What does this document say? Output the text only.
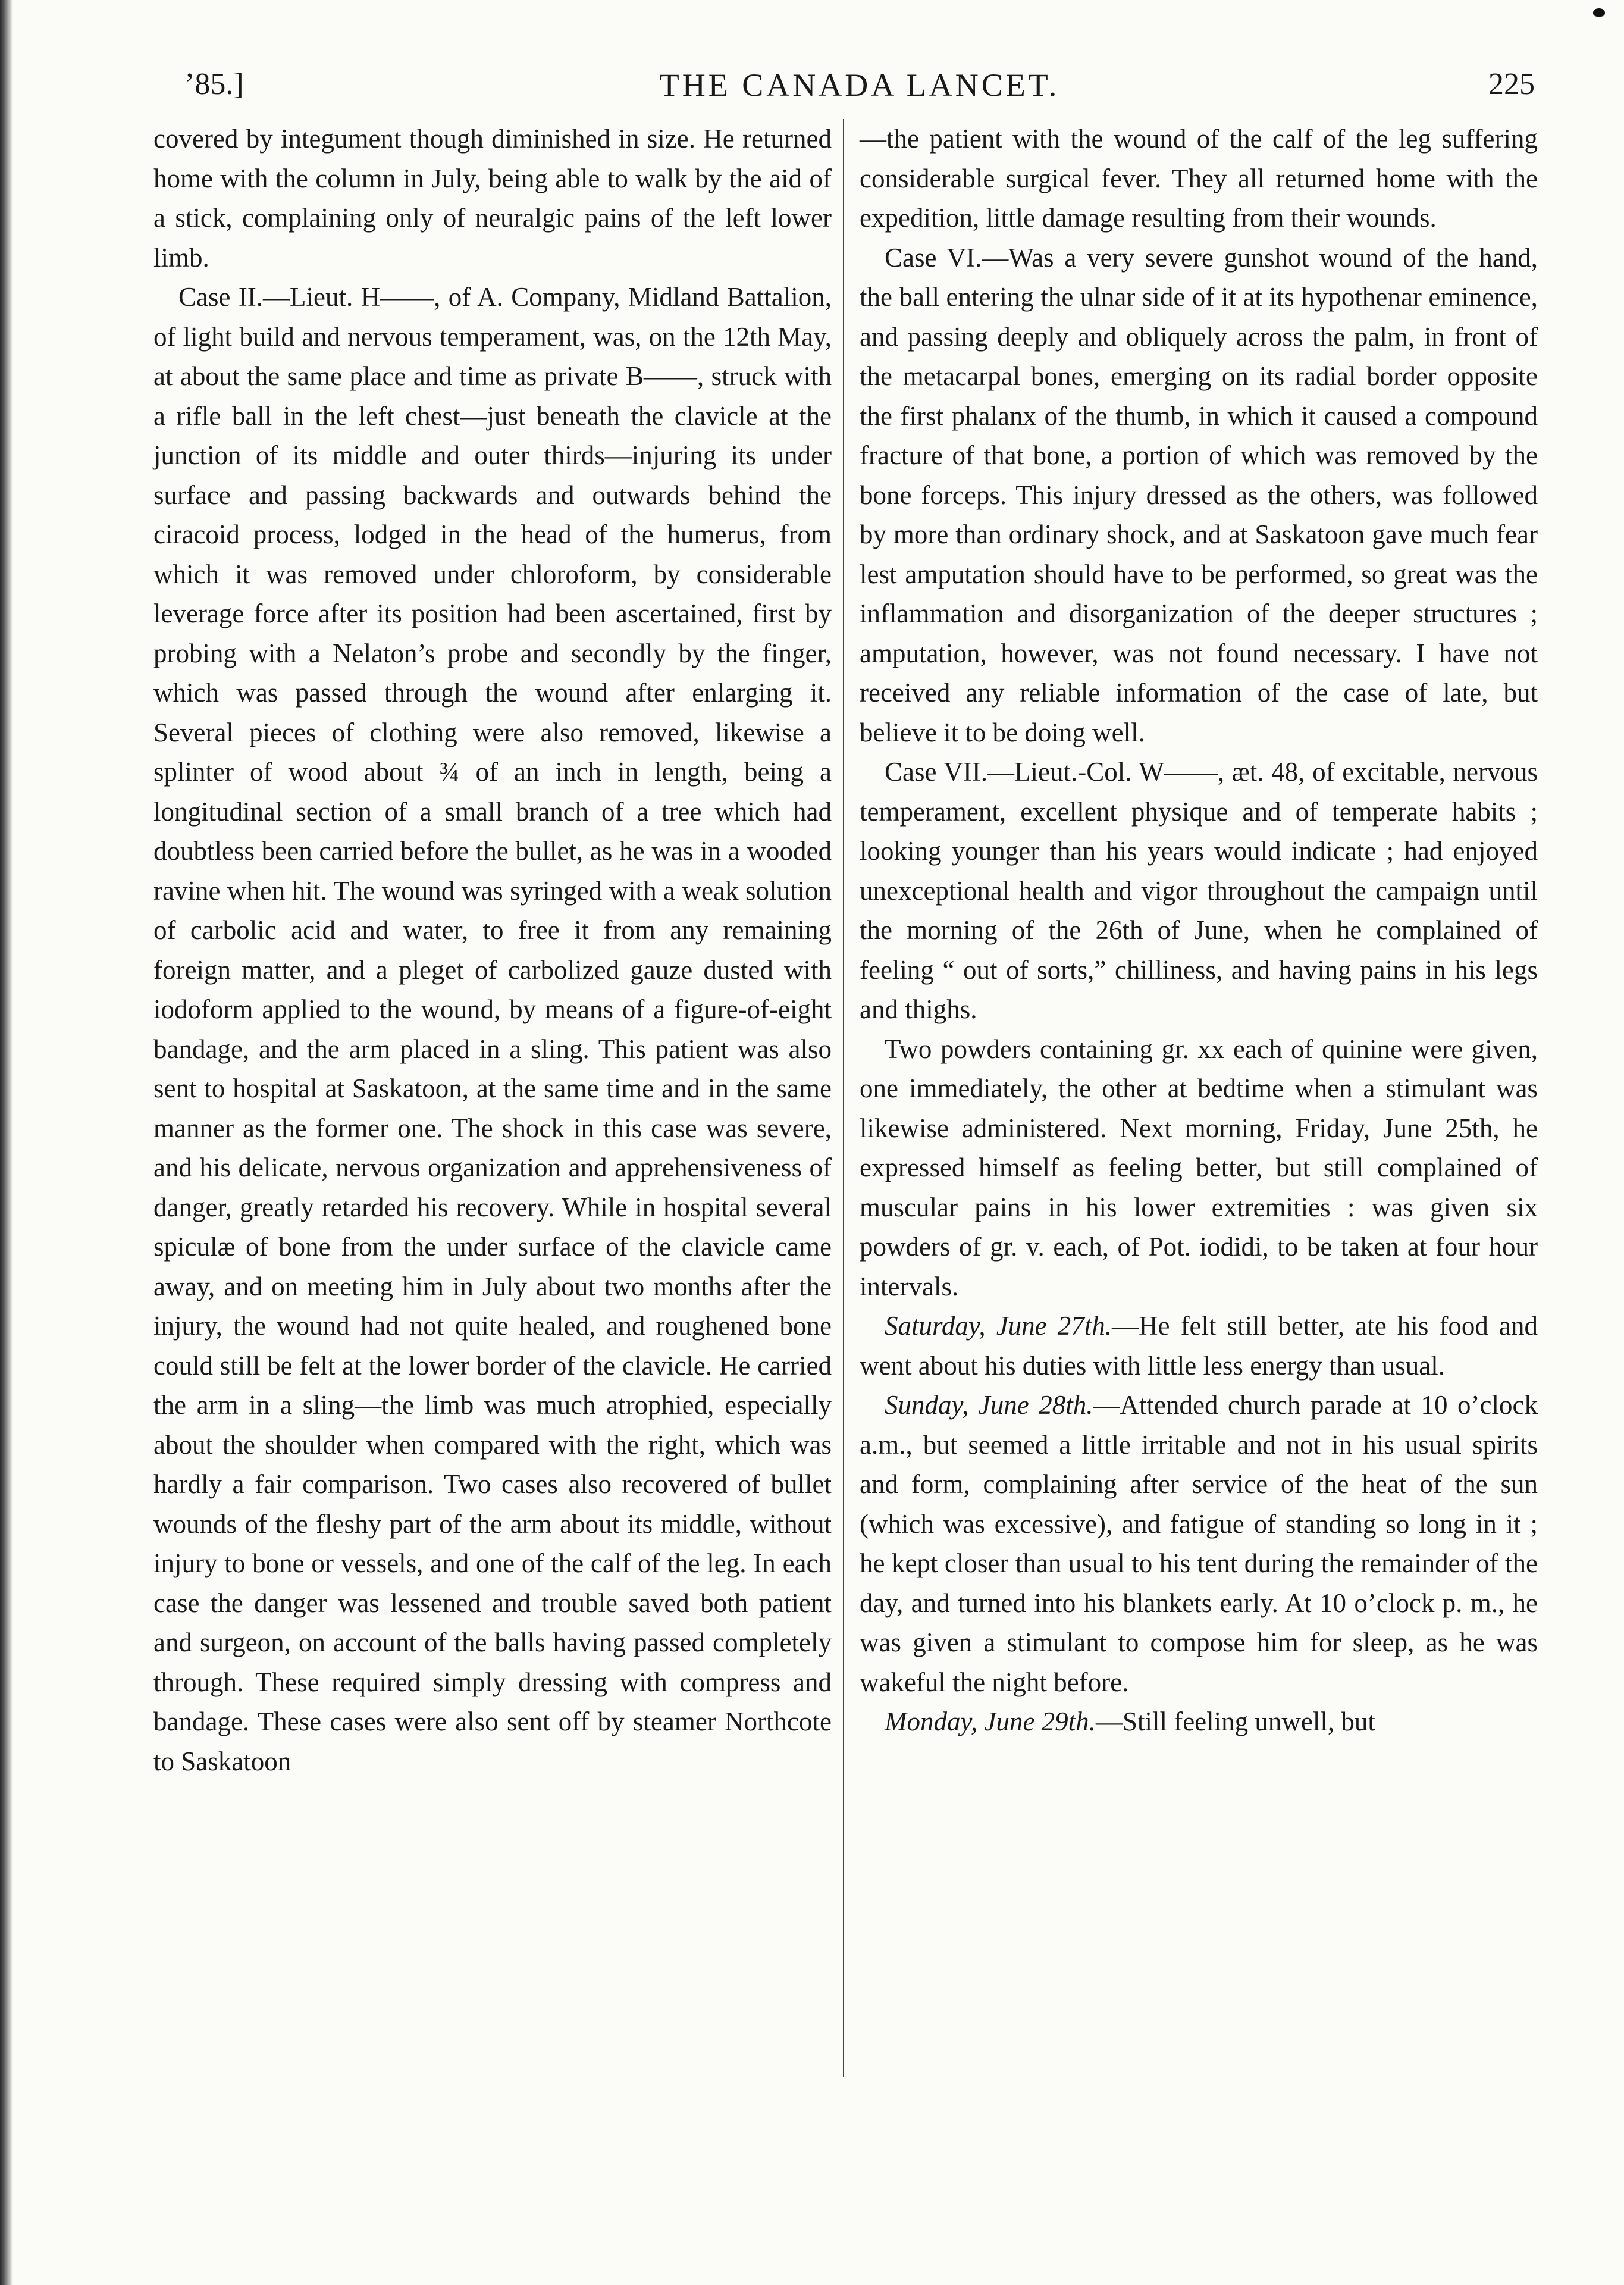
’85.]	THE CANADA LANCET.	225

covered by integument though diminished in size. He returned home with the column in July, being able to walk by the aid of a stick, complaining only of neuralgic pains of the left lower limb.

Case II.—Lieut. H——, of A. Company, Midland Battalion, of light build and nervous temperament, was, on the 12th May, at about the same place and time as private B——, struck with a rifle ball in the left chest—just beneath the clavicle at the junction of its middle and outer thirds—injuring its under surface and passing backwards and outwards behind the ciracoid process, lodged in the head of the humerus, from which it was removed under chloroform, by considerable leverage force after its position had been ascertained, first by probing with a Nelaton’s probe and secondly by the finger, which was passed through the wound after enlarging it. Several pieces of clothing were also removed, likewise a splinter of wood about ¾ of an inch in length, being a longitudinal section of a small branch of a tree which had doubtless been carried before the bullet, as he was in a wooded ravine when hit. The wound was syringed with a weak solution of carbolic acid and water, to free it from any remaining foreign matter, and a pleget of carbolized gauze dusted with iodoform applied to the wound, by means of a figure-of-eight bandage, and the arm placed in a sling. This patient was also sent to hospital at Saskatoon, at the same time and in the same manner as the former one. The shock in this case was severe, and his delicate, nervous organization and apprehensiveness of danger, greatly retarded his recovery. While in hospital several spiculæ of bone from the under surface of the clavicle came away, and on meeting him in July about two months after the injury, the wound had not quite healed, and roughened bone could still be felt at the lower border of the clavicle. He carried the arm in a sling—the limb was much atrophied, especially about the shoulder when compared with the right, which was hardly a fair comparison. Two cases also recovered of bullet wounds of the fleshy part of the arm about its middle, without injury to bone or vessels, and one of the calf of the leg. In each case the danger was lessened and trouble saved both patient and surgeon, on account of the balls having passed completely through. These required simply dressing with compress and bandage. These cases were also sent off by steamer Northcote to Saskatoon

—the patient with the wound of the calf of the leg suffering considerable surgical fever. They all returned home with the expedition, little damage resulting from their wounds.

Case VI.—Was a very severe gunshot wound of the hand, the ball entering the ulnar side of it at its hypothenar eminence, and passing deeply and obliquely across the palm, in front of the metacarpal bones, emerging on its radial border opposite the first phalanx of the thumb, in which it caused a compound fracture of that bone, a portion of which was removed by the bone forceps. This injury dressed as the others, was followed by more than ordinary shock, and at Saskatoon gave much fear lest amputation should have to be performed, so great was the inflammation and disorganization of the deeper structures ; amputation, however, was not found necessary. I have not received any reliable information of the case of late, but believe it to be doing well.

Case VII.—Lieut.-Col. W——, æt. 48, of excitable, nervous temperament, excellent physique and of temperate habits ; looking younger than his years would indicate ; had enjoyed unexceptional health and vigor throughout the campaign until the morning of the 26th of June, when he complained of feeling “ out of sorts,” chilliness, and having pains in his legs and thighs.

Two powders containing gr. xx each of quinine were given, one immediately, the other at bedtime when a stimulant was likewise administered. Next morning, Friday, June 25th, he expressed himself as feeling better, but still complained of muscular pains in his lower extremities : was given six powders of gr. v. each, of Pot. iodidi, to be taken at four hour intervals.

Saturday, June 27th.—He felt still better, ate his food and went about his duties with little less energy than usual.

Sunday, June 28th.—Attended church parade at 10 o’clock a.m., but seemed a little irritable and not in his usual spirits and form, complaining after service of the heat of the sun (which was excessive), and fatigue of standing so long in it ; he kept closer than usual to his tent during the remainder of the day, and turned into his blankets early. At 10 o’clock p. m., he was given a stimulant to compose him for sleep, as he was wakeful the night before.

Monday, June 29th.—Still feeling unwell, but
